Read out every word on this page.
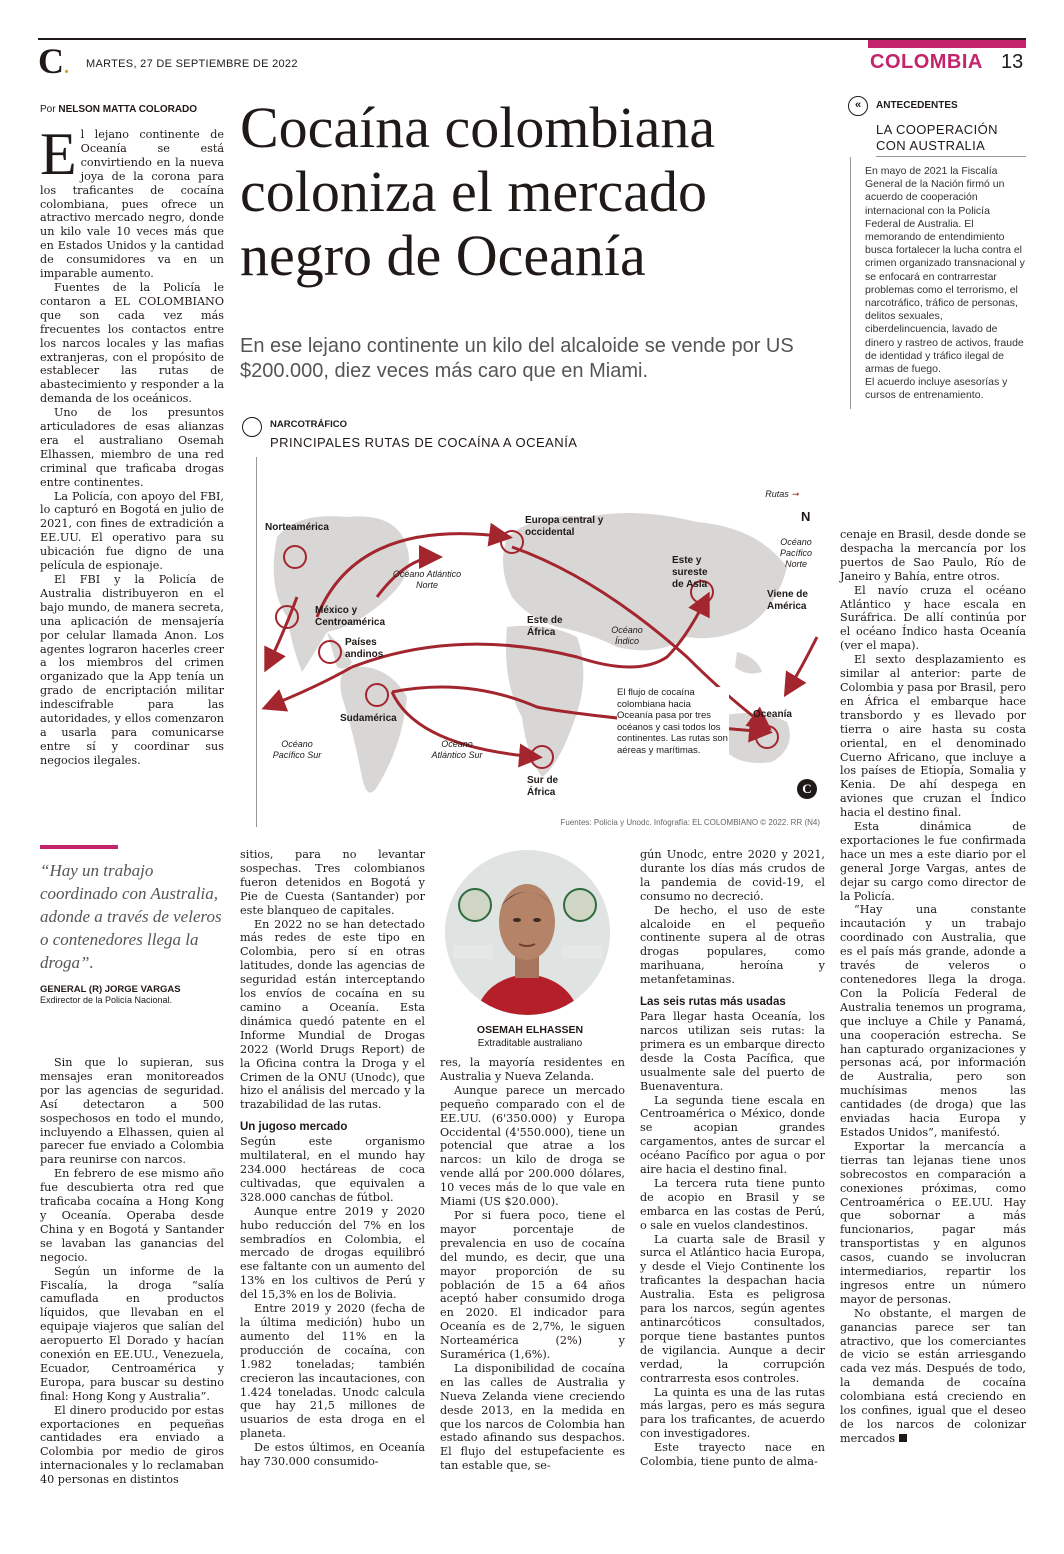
C. MARTES, 27 DE SEPTIEMBRE DE 2022	COLOMBIA 13
Por NELSON MATTA COLORADO Cocaína colombiana coloniza el mercado negro de Oceanía
En ese lejano continente un kilo del alcaloide se vende por US $200.000, diez veces más caro que en Miami.
E l lejano continente de Oceanía se está convirtiendo en la nueva joya de la corona para los traficantes de cocaína colombiana, pues ofrece un atractivo mercado negro, donde un kilo vale 10 veces más que en Estados Unidos y la cantidad de consumidores va en un imparable aumento.

Fuentes de la Policía le contaron a EL COLOMBIANO que son cada vez más frecuentes los contactos entre los narcos locales y las mafias extranjeras, con el propósito de establecer las rutas de abastecimiento y responder a la demanda de los oceánicos.

Uno de los presuntos articuladores de esas alianzas era el australiano Osemah Elhassen, miembro de una red criminal que traficaba drogas entre continentes.

La Policía, con apoyo del FBI, lo capturó en Bogotá en julio de 2021, con fines de extradición a EE.UU. El operativo para su ubicación fue digno de una película de espionaje.

El FBI y la Policía de Australia distribuyeron en el bajo mundo, de manera secreta, una aplicación de mensajería por celular llamada Anon. Los agentes lograron hacerles creer a los miembros del crimen organizado que la App tenía un grado de encriptación militar indescifrable para las autoridades, y ellos comenzaron a usarla para comunicarse entre sí y coordinar sus negocios ilegales.

“Hay un trabajo coordinado con Australia, adonde a través de veleros o contenedores llega la droga”.
GENERAL (R) JORGE VARGAS
Exdirector de la Policía Nacional.

Sin que lo supieran, sus mensajes eran monitoreados por las agencias de seguridad. Así detectaron a 500 sospechosos en todo el mundo, incluyendo a Elhassen, quien al parecer fue enviado a Colombia para reunirse con narcos.

En febrero de ese mismo año fue descubierta otra red que traficaba cocaína a Hong Kong y Oceanía. Operaba desde China y en Bogotá y Santander se lavaban las ganancias del negocio.

Según un informe de la Fiscalía, la droga “salía camuflada en productos líquidos, que llevaban en el equipaje viajeros que salían del aeropuerto El Dorado y hacían conexión en EE.UU., Venezuela, Ecuador, Centroamérica y Europa, para buscar su destino final: Hong Kong y Australia”.

El dinero producido por estas exportaciones en pequeñas cantidades era enviado a Colombia por medio de giros internacionales y lo reclamaban 40 personas en distintos

sitios, para no levantar sospechas. Tres colombianos fueron detenidos en Bogotá y Pie de Cuesta (Santander) por este blanqueo de capitales.

En 2022 no se han detectado más redes de este tipo en Colombia, pero sí en otras latitudes, donde las agencias de seguridad están interceptando los envíos de cocaína en su camino a Oceanía. Esta dinámica quedó patente en el Informe Mundial de Drogas 2022 (World Drugs Report) de la Oficina contra la Droga y el Crimen de la ONU (Unodc), que hizo el análisis del mercado y la trazabilidad de las rutas.

Un jugoso mercado

Según este organismo multilateral, en el mundo hay 234.000 hectáreas de coca cultivadas, que equivalen a 328.000 canchas de fútbol.

Aunque entre 2019 y 2020 hubo reducción del 7% en los sembradíos en Colombia, el mercado de drogas equilibró ese faltante con un aumento del 13% en los cultivos de Perú y del 15,3% en los de Bolivia.

Entre 2019 y 2020 (fecha de la última medición) hubo un aumento del 11% en la producción de cocaína, con 1.982 toneladas; también crecieron las incautaciones, con 1.424 toneladas. Unodc calcula que hay 21,5 millones de usuarios de esta droga en el planeta.

De estos últimos, en Oceanía hay 730.000 consumido-

OSEMAH ELHASSEN
Extraditable australiano

res, la mayoría residentes en Australia y Nueva Zelanda.

Aunque parece un mercado pequeño comparado con el de EE.UU. (6'350.000) y Europa Occidental (4'550.000), tiene un potencial que atrae a los narcos: un kilo de droga se vende allá por 200.000 dólares, 10 veces más de lo que vale en Miami (US $20.000).

Por si fuera poco, tiene el mayor porcentaje de prevalencia en uso de cocaína del mundo, es decir, que una mayor proporción de su población de 15 a 64 años aceptó haber consumido droga en 2020. El indicador para Oceanía es de 2,7%, le siguen Norteamérica (2%) y Suramérica (1,6%).

La disponibilidad de cocaína en las calles de Australia y Nueva Zelanda viene creciendo desde 2013, en la medida en que los narcos de Colombia han estado afinando sus despachos. El flujo del estupefaciente es tan estable que, se-

gún Unodc, entre 2020 y 2021, durante los días más crudos de la pandemia de covid-19, el consumo no decreció.

De hecho, el uso de este alcaloide en el pequeño continente supera al de otras drogas populares, como marihuana, heroína y metanfetaminas.

Las seis rutas más usadas

Para llegar hasta Oceanía, los narcos utilizan seis rutas: la primera es un embarque directo desde la Costa Pacífica, que usualmente sale del puerto de Buenaventura.

La segunda tiene escala en Centroamérica o México, donde se acopian grandes cargamentos, antes de surcar el océano Pacífico por agua o por aire hacia el destino final.

La tercera ruta tiene punto de acopio en Brasil y se embarca en las costas de Perú, o sale en vuelos clandestinos.

La cuarta sale de Brasil y surca el Atlántico hacia Europa, y desde el Viejo Continente los traficantes la despachan hacia Australia. Esta es peligrosa para los narcos, según agentes antinarcóticos consultados, porque tiene bastantes puntos de vigilancia. Aunque a decir verdad, la corrupción contrarresta esos controles.

La quinta es una de las rutas más largas, pero es más segura para los traficantes, de acuerdo con investigadores.

Este trayecto nace en Colombia, tiene punto de alma-

«	ANTECEDENTES
LA COOPERACIÓN CON AUSTRALIA

En mayo de 2021 la Fiscalía General de la Nación firmó un acuerdo de cooperación internacional con la Policía Federal de Australia. El memorando de entendimiento busca fortalecer la lucha contra el crimen organizado transnacional y se enfocará en contrarrestar problemas como el terrorismo, el narcotráfico, tráfico de personas, delitos sexuales, ciberdelincuencia, lavado de dinero y rastreo de activos, fraude de identidad y tráfico ilegal de armas de fuego.

El acuerdo incluye asesorías y cursos de entrenamiento.

cenaje en Brasil, desde donde se despacha la mercancía por los puertos de Sao Paulo, Río de Janeiro y Bahía, entre otros.

El navío cruza el océano Atlántico y hace escala en Suráfrica. De allí continúa por el océano Índico hasta Oceanía (ver el mapa).

El sexto desplazamiento es similar al anterior: parte de Colombia y pasa por Brasil, pero en África el embarque hace transbordo y es llevado por tierra o aire hasta su costa oriental, en el denominado Cuerno Africano, que incluye a los países de Etiopía, Somalia y Kenia. De ahí despega en aviones que cruzan el Índico hacia el destino final.

Esta dinámica de exportaciones le fue confirmada hace un mes a este diario por el general Jorge Vargas, antes de dejar su cargo como director de la Policía.

“Hay una constante incautación y un trabajo coordinado con Australia, que es el país más grande, adonde a través de veleros o contenedores llega la droga. Con la Policía Federal de Australia tenemos un programa, que incluye a Chile y Panamá, una cooperación estrecha. Se han capturado organizaciones y personas acá, por información de Australia, pero son muchísimas menos las cantidades (de droga) que las enviadas hacia Europa y Estados Unidos”, manifestó.

Exportar la mercancía a tierras tan lejanas tiene unos sobrecostos en comparación a conexiones próximas, como Centroamérica o EE.UU. Hay que sobornar a más funcionarios, pagar más transportistas y en algunos casos, cuando se involucran intermediarios, repartir los ingresos entre un número mayor de personas.

No obstante, el margen de ganancias parece ser tan atractivo, que los comerciantes de vicio se están arriesgando cada vez más. Después de todo, la demanda de cocaína colombiana está creciendo en los confines, igual que el deseo de los narcos de colonizar mercados

NARCOTRÁFICO
PRINCIPALES RUTAS DE COCAÍNA A OCEANÍA
Rutas ➞
N
Norteamérica
México y Centroamérica
Países andinos
Sudamérica
Europa central y occidental
Este y sureste de Asia
Este de África
Sur de África
Oceanía
Viene de América
Océano Atlántico Norte
Océano Atlántico Sur
Océano Pacífico Sur
Océano Pacífico Norte
Océano Índico
El flujo de cocaína colombiana hacia Oceanía pasa por tres océanos y casi todos los continentes. Las rutas son aéreas y marítimas.
C
Fuentes: Policía y Unodc. Infografía: EL COLOMBIANO © 2022. RR (N4)
